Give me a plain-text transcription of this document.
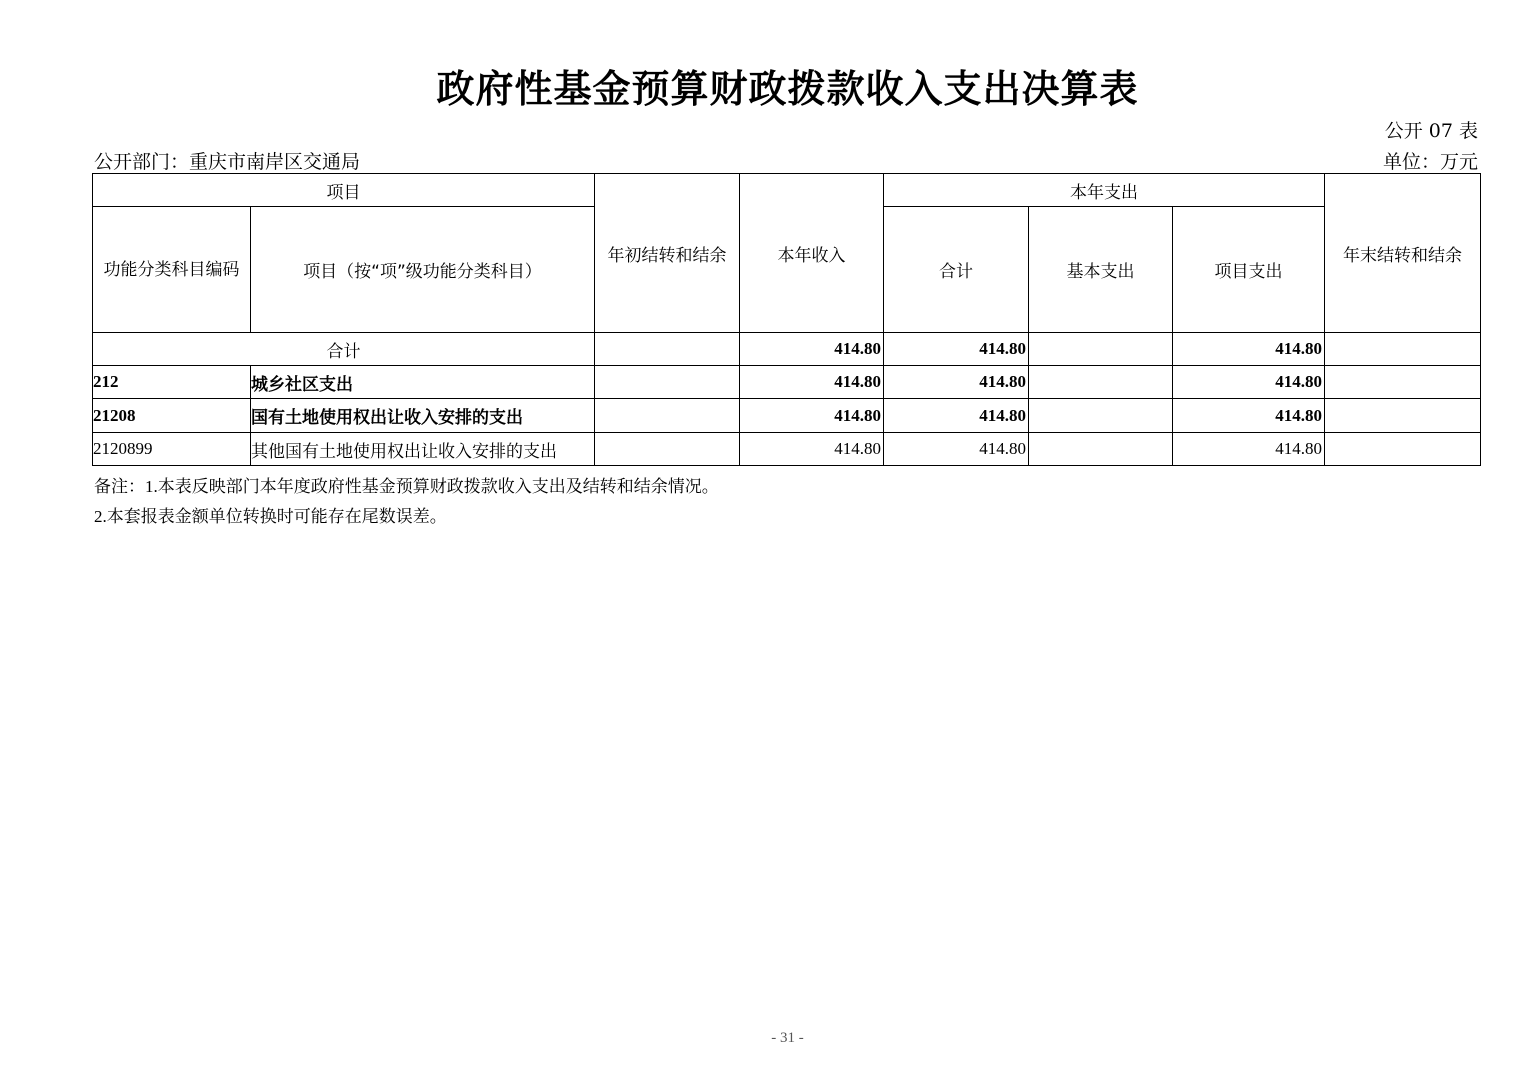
政府性基金预算财政拨款收入支出决算表
公开 07 表
公开部门：重庆市南岸区交通局	单位：万元
项目		年初结转和结余	本年收入	本年支出			年末结转和结余
功能分类科目编码	项目（按“项”级功能分类科目）			合计	基本支出	项目支出	
合计			414.80	414.80		414.80	
212	城乡社区支出		414.80	414.80		414.80	
21208	国有土地使用权出让收入安排的支出		414.80	414.80		414.80	
2120899	其他国有土地使用权出让收入安排的支出		414.80	414.80		414.80	
备注：1.本表反映部门本年度政府性基金预算财政拨款收入支出及结转和结余情况。
2.本套报表金额单位转换时可能存在尾数误差。
- 31 -
